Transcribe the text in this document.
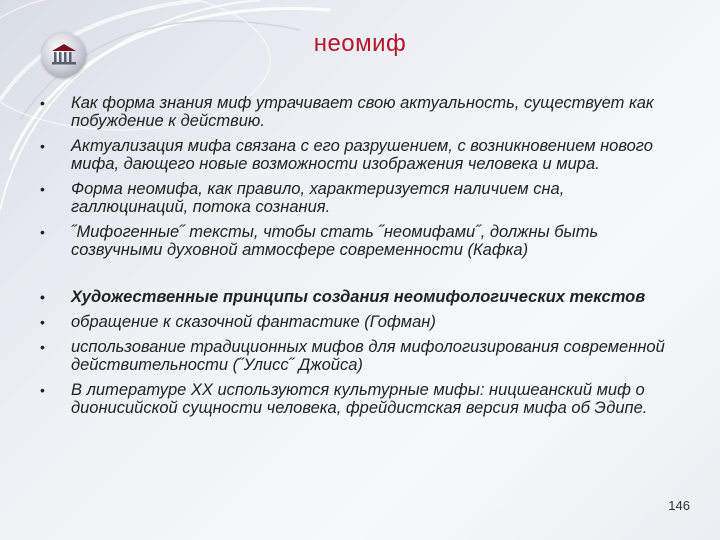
неомиф
• Как форма знания миф утрачивает свою актуальность, существует как побуждение к действию.
• Актуализация мифа связана с его разрушением, с возникновением нового мифа, дающего новые возможности изображения человека и мира.
• Форма неомифа, как правило, характеризуется наличием сна, галлюцинаций, потока сознания.
• ˝Мифогенные˝ тексты, чтобы стать ˝неомифами˝, должны быть созвучными духовной атмосфере современности (Кафка)
• Художественные принципы создания неомифологических текстов
• обращение к сказочной фантастике (Гофман)
• использование традиционных мифов для мифологизирования современной действительности (˝Улисс˝ Джойса)
• В литературе ХХ используются культурные мифы: ницшеанский миф о дионисийской сущности человека, фрейдистская версия мифа об Эдипе.
146
